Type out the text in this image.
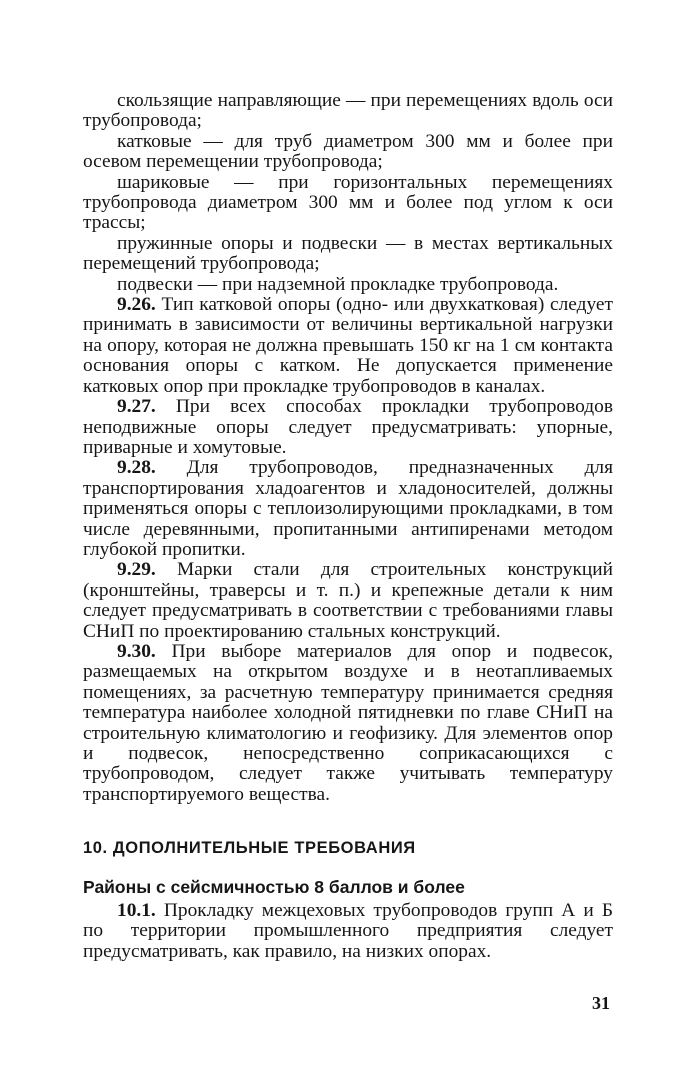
скользящие направляющие — при перемещениях вдоль оси трубопровода;

катковые — для труб диаметром 300 мм и более при осевом перемещении трубопровода;

шариковые — при горизонтальных перемещениях трубопровода диаметром 300 мм и более под углом к оси трассы;

пружинные опоры и подвески — в местах вертикальных перемещений трубопровода;

подвески — при надземной прокладке трубопровода.

9.26. Тип катковой опоры (одно- или двухкатковая) следует принимать в зависимости от величины вертикальной нагрузки на опору, которая не должна превышать 150 кг на 1 см контакта основания опоры с катком. Не допускается применение катковых опор при прокладке трубопроводов в каналах.

9.27. При всех способах прокладки трубопроводов неподвижные опоры следует предусматривать: упорные, приварные и хомутовые.

9.28. Для трубопроводов, предназначенных для транспортирования хладоагентов и хладоносителей, должны применяться опоры с теплоизолирующими прокладками, в том числе деревянными, пропитанными антипиренами методом глубокой пропитки.

9.29. Марки стали для строительных конструкций (кронштейны, траверсы и т. п.) и крепежные детали к ним следует предусматривать в соответствии с требованиями главы СНиП по проектированию стальных конструкций.

9.30. При выборе материалов для опор и подвесок, размещаемых на открытом воздухе и в неотапливаемых помещениях, за расчетную температуру принимается средняя температура наиболее холодной пятидневки по главе СНиП на строительную климатологию и геофизику. Для элементов опор и подвесок, непосредственно соприкасающихся с трубопроводом, следует также учитывать температуру транспортируемого вещества.

10. ДОПОЛНИТЕЛЬНЫЕ ТРЕБОВАНИЯ
Районы с сейсмичностью 8 баллов и более

10.1. Прокладку межцеховых трубопроводов групп А и Б по территории промышленного предприятия следует предусматривать, как правило, на низких опорах.

31
